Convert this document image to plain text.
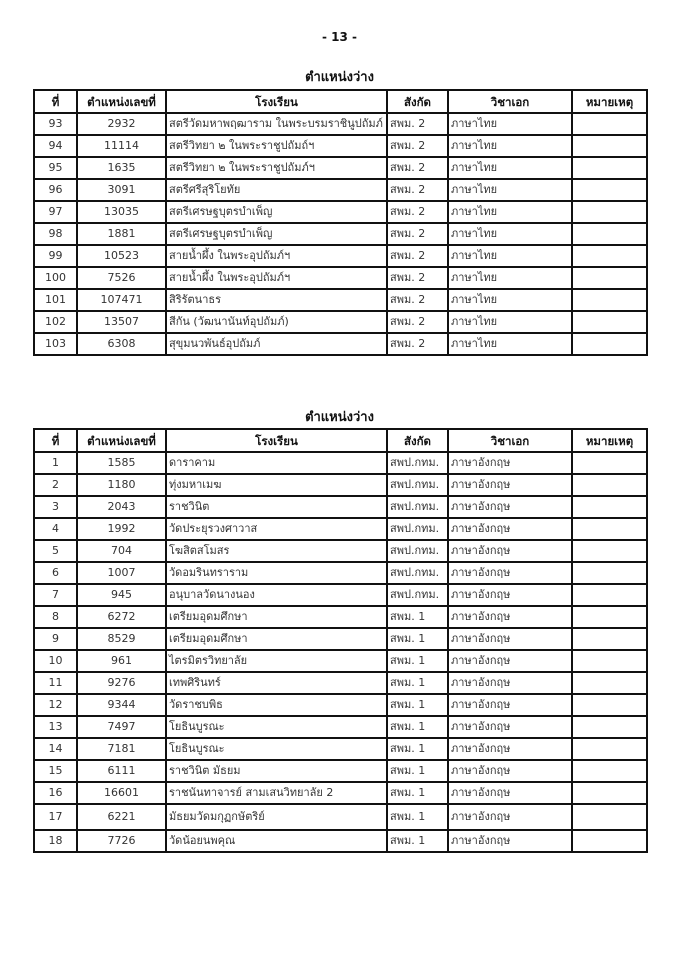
- 13 -
ตำแหน่งว่าง
ที่	ตำแหน่งเลขที่	โรงเรียน	สังกัด	วิชาเอก	หมายเหตุ
93	2932	สตรีวัดมหาพฤฒาราม ในพระบรมราชินูปถัมภ์	สพม. 2	ภาษาไทย	
94	11114	สตรีวิทยา ๒ ในพระราชูปถัมถ์ฯ	สพม. 2	ภาษาไทย	
95	1635	สตรีวิทยา ๒ ในพระราชูปถัมภ์ฯ	สพม. 2	ภาษาไทย	
96	3091	สตรีศรีสุริโยทัย	สพม. 2	ภาษาไทย	
97	13035	สตรีเศรษฐบุตรบำเพ็ญ	สพม. 2	ภาษาไทย	
98	1881	สตรีเศรษฐบุตรบำเพ็ญ	สพม. 2	ภาษาไทย	
99	10523	สายน้ำผึ้ง ในพระอุปถัมภ์ฯ	สพม. 2	ภาษาไทย	
100	7526	สายน้ำผึ้ง ในพระอุปถัมภ์ฯ	สพม. 2	ภาษาไทย	
101	107471	สิริรัตนาธร	สพม. 2	ภาษาไทย	
102	13507	สีกัน (วัฒนานันท์อุปถัมภ์)	สพม. 2	ภาษาไทย	
103	6308	สุขุมนวพันธ์อุปถัมภ์	สพม. 2	ภาษาไทย	
ตำแหน่งว่าง
ที่	ตำแหน่งเลขที่	โรงเรียน	สังกัด	วิชาเอก	หมายเหตุ
1	1585	ดาราคาม	สพป.กทม.	ภาษาอังกฤษ	
2	1180	ทุ่งมหาเมฆ	สพป.กทม.	ภาษาอังกฤษ	
3	2043	ราชวินิต	สพป.กทม.	ภาษาอังกฤษ	
4	1992	วัดประยุรวงศาวาส	สพป.กทม.	ภาษาอังกฤษ	
5	704	โฆสิตสโมสร	สพป.กทม.	ภาษาอังกฤษ	
6	1007	วัดอมรินทราราม	สพป.กทม.	ภาษาอังกฤษ	
7	945	อนุบาลวัดนางนอง	สพป.กทม.	ภาษาอังกฤษ	
8	6272	เตรียมอุดมศึกษา	สพม. 1	ภาษาอังกฤษ	
9	8529	เตรียมอุดมศึกษา	สพม. 1	ภาษาอังกฤษ	
10	961	ไตรมิตรวิทยาลัย	สพม. 1	ภาษาอังกฤษ	
11	9276	เทพศิรินทร์	สพม. 1	ภาษาอังกฤษ	
12	9344	วัดราชบพิธ	สพม. 1	ภาษาอังกฤษ	
13	7497	โยธินบูรณะ	สพม. 1	ภาษาอังกฤษ	
14	7181	โยธินบูรณะ	สพม. 1	ภาษาอังกฤษ	
15	6111	ราชวินิต มัธยม	สพม. 1	ภาษาอังกฤษ	
16	16601	ราชนันทาจารย์ สามเสนวิทยาลัย 2	สพม. 1	ภาษาอังกฤษ	
17	6221	มัธยมวัดมกุฏกษัตริย์	สพม. 1	ภาษาอังกฤษ	
18	7726	วัดน้อยนพคุณ	สพม. 1	ภาษาอังกฤษ	
